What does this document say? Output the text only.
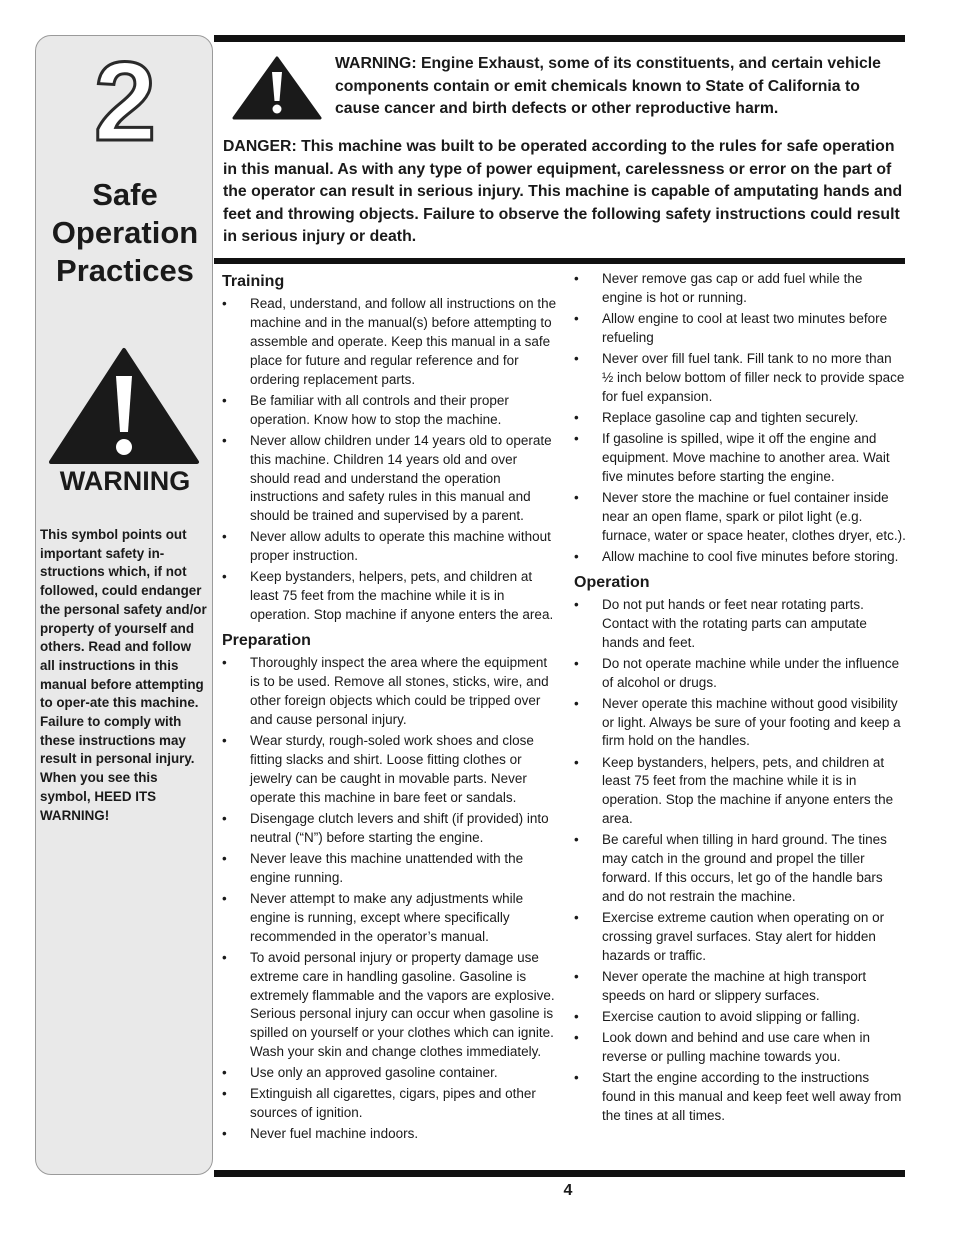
2
Safe
Operation
Practices
WARNING
This symbol points out important safety in-structions which, if not followed, could endanger the personal safety and/or property of yourself and others. Read and follow all instructions in this manual before attempting to oper-ate this machine. Failure to comply with these instructions may result in personal injury. When you see this symbol, HEED ITS WARNING!
WARNING: Engine Exhaust, some of its constituents, and certain vehicle components contain or emit chemicals known to State of California to cause cancer and birth defects or other reproductive harm.
DANGER: This machine was built to be operated according to the rules for safe operation in this manual. As with any type of power equipment, carelessness or error on the part of the operator can result in serious injury. This machine is capable of amputating hands and feet and throwing objects. Failure to observe the following safety instructions could result in serious injury or death.
Training
• Read, understand, and follow all instructions on the machine and in the manual(s) before attempting to assemble and operate. Keep this manual in a safe place for future and regular reference and for ordering replacement parts.
• Be familiar with all controls and their proper operation. Know how to stop the machine.
• Never allow children under 14 years old to operate this machine. Children 14 years old and over should read and understand the operation instructions and safety rules in this manual and should be trained and supervised by a parent.
• Never allow adults to operate this machine without proper instruction.
• Keep bystanders, helpers, pets, and children at least 75 feet from the machine while it is in operation. Stop machine if anyone enters the area.
Preparation
• Thoroughly inspect the area where the equipment is to be used. Remove all stones, sticks, wire, and other foreign objects which could be tripped over and cause personal injury.
• Wear sturdy, rough-soled work shoes and close fitting slacks and shirt. Loose fitting clothes or jewelry can be caught in movable parts. Never operate this machine in bare feet or sandals.
• Disengage clutch levers and shift (if provided) into neutral (“N”) before starting the engine.
• Never leave this machine unattended with the engine running.
• Never attempt to make any adjustments while engine is running, except where specifically recommended in the operator’s manual.
• To avoid personal injury or property damage use extreme care in handling gasoline. Gasoline is extremely flammable and the vapors are explosive. Serious personal injury can occur when gasoline is spilled on yourself or your clothes which can ignite. Wash your skin and change clothes immediately.
• Use only an approved gasoline container.
• Extinguish all cigarettes, cigars, pipes and other sources of ignition.
• Never fuel machine indoors.
• Never remove gas cap or add fuel while the engine is hot or running.
• Allow engine to cool at least two minutes before refueling
• Never over fill fuel tank. Fill tank to no more than ½ inch below bottom of filler neck to provide space for fuel expansion.
• Replace gasoline cap and tighten securely.
• If gasoline is spilled, wipe it off the engine and equipment. Move machine to another area. Wait five minutes before starting the engine.
• Never store the machine or fuel container inside near an open flame, spark or pilot light (e.g. furnace, water or space heater, clothes dryer, etc.).
• Allow machine to cool five minutes before storing.
Operation
• Do not put hands or feet near rotating parts. Contact with the rotating parts can amputate hands and feet.
• Do not operate machine while under the influence of alcohol or drugs.
• Never operate this machine without good visibility or light. Always be sure of your footing and keep a firm hold on the handles.
• Keep bystanders, helpers, pets, and children at least 75 feet from the machine while it is in operation. Stop the machine if anyone enters the area.
• Be careful when tilling in hard ground. The tines may catch in the ground and propel the tiller forward. If this occurs, let go of the handle bars and do not restrain the machine.
• Exercise extreme caution when operating on or crossing gravel surfaces. Stay alert for hidden hazards or traffic.
• Never operate the machine at high transport speeds on hard or slippery surfaces.
• Exercise caution to avoid slipping or falling.
• Look down and behind and use care when in reverse or pulling machine towards you.
• Start the engine according to the instructions found in this manual and keep feet well away from the tines at all times.
4
